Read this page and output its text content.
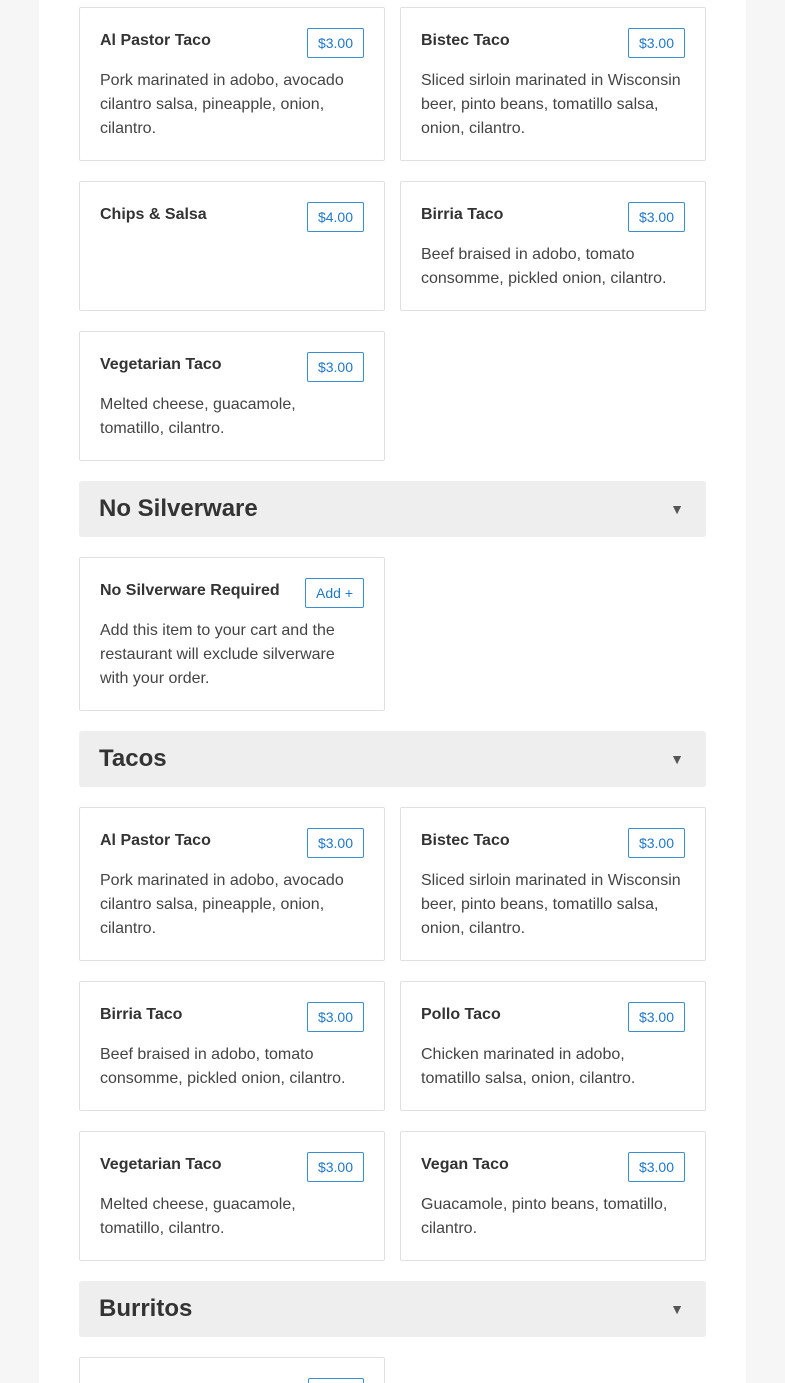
Al Pastor Taco	$3.00
Pork marinated in adobo, avocado cilantro salsa, pineapple, onion, cilantro.
Bistec Taco	$3.00
Sliced sirloin marinated in Wisconsin beer, pinto beans, tomatillo salsa, onion, cilantro.
Chips & Salsa	$4.00	Birria Taco	$3.00
Beef braised in adobo, tomato consomme, pickled onion, cilantro.
Vegetarian Taco	$3.00
Melted cheese, guacamole, tomatillo, cilantro.
No Silverware	▼
No Silverware Required	Add +
Add this item to your cart and the restaurant will exclude silverware with your order.
Tacos	▼
Al Pastor Taco	$3.00
Pork marinated in adobo, avocado cilantro salsa, pineapple, onion, cilantro.
Bistec Taco	$3.00
Sliced sirloin marinated in Wisconsin beer, pinto beans, tomatillo salsa, onion, cilantro.
Birria Taco	$3.00
Beef braised in adobo, tomato consomme, pickled onion, cilantro.
Pollo Taco	$3.00
Chicken marinated in adobo, tomatillo salsa, onion, cilantro.
Vegetarian Taco	$3.00
Melted cheese, guacamole, tomatillo, cilantro.
Vegan Taco	$3.00
Guacamole, pinto beans, tomatillo, cilantro.
Burritos	▼
